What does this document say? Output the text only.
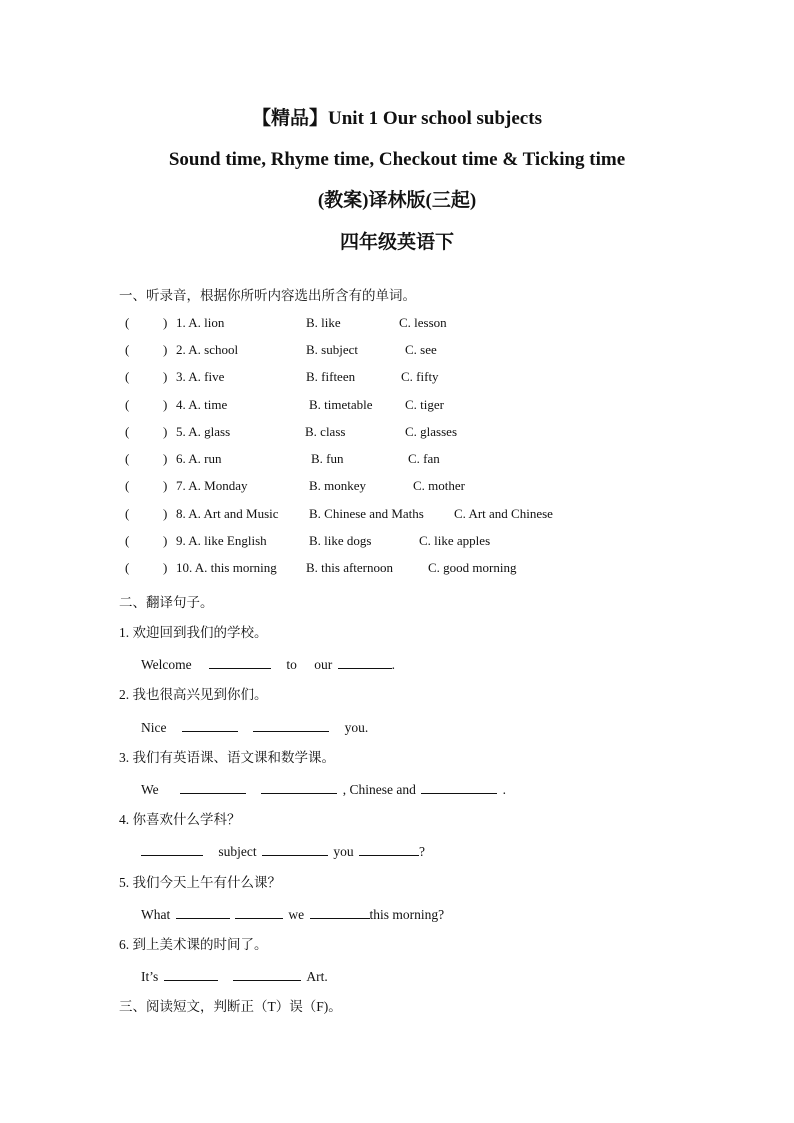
【精品】Unit 1 Our school subjects
Sound time, Rhyme time, Checkout time & Ticking time
(教案)译林版(三起)
四年级英语下
一、听录音，根据你所听内容选出所含有的单词。
(	) 1. A. lion	B. like	C. lesson
(	) 2. A. school	B. subject	C. see
(	) 3. A. five	B. fifteen	C. fifty
(	) 4. A. time	B. timetable C. tiger
(	) 5. A. glass	B. class	C. glasses
(	) 6. A. run	B. fun	C. fan
(	) 7. A. Monday	B. monkey	C. mother
(	) 8. A. Art and Music B. Chinese and Maths C. Art and Chinese
(	) 9. A. like English	B. like dogs	C. like apples
(	) 10. A. this morning B. this afternoon	C. good morning
二、翻译句子。
1. 欢迎回到我们的学校。
Welcome	to our	.
2. 我也很高兴见到你们。
Nice	you.
3. 我们有英语课、语文课和数学课。
We	, Chinese and	.
4. 你喜欢什么学科？
subject	you	?
5. 我们今天上午有什么课？
What	we	this morning?
6. 到上美术课的时间了。
It’s	Art.
三、阅读短文，判断正（T）误（F)。
